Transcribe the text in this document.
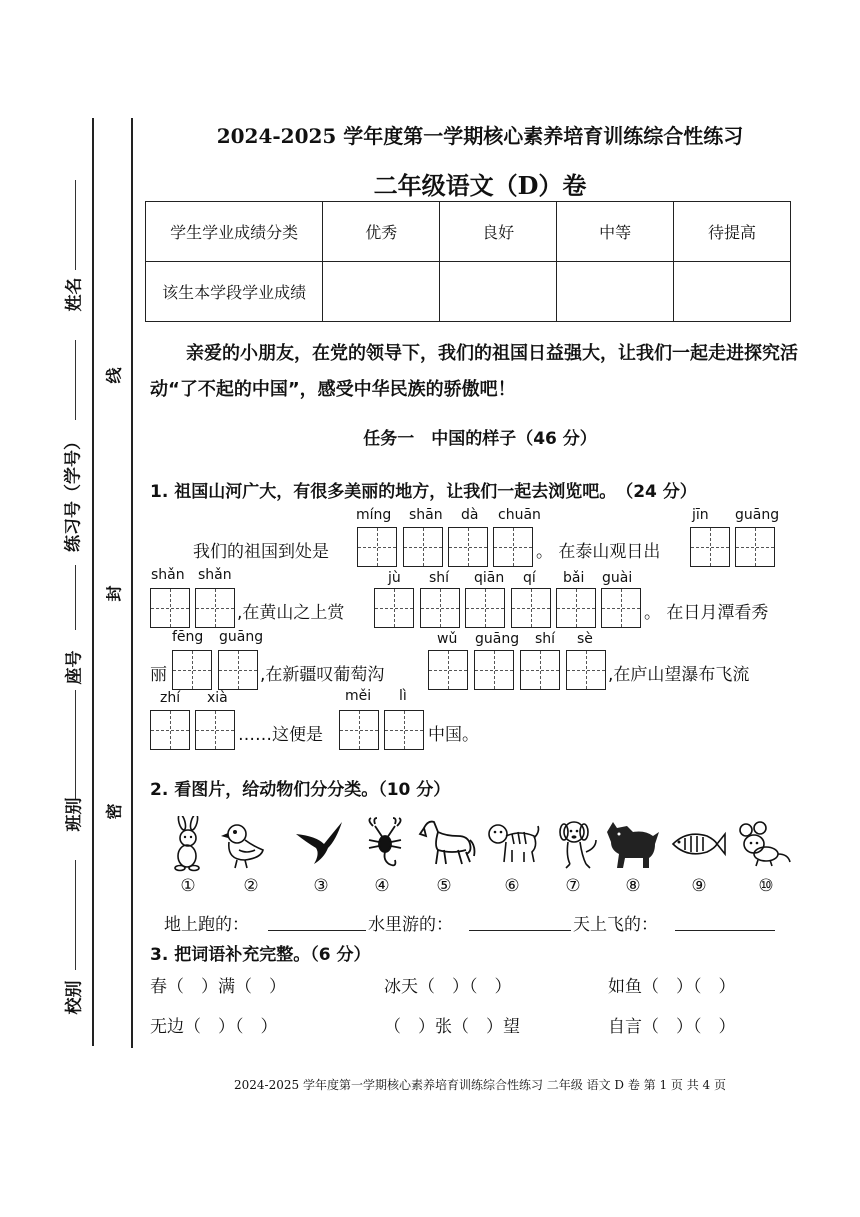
姓名
练习号（学号）
座号
班别
校别
线
封
密
2024-2025 学年度第一学期核心素养培育训练综合性练习
二年级语文（D）卷
学生学业成绩分类	优秀	良好	中等	待提高
该生本学段学业成绩				
亲爱的小朋友，在党的领导下，我们的祖国日益强大，让我们一起走进探究活动“了不起的中国”，感受中华民族的骄傲吧！
任务一　中国的样子（46 分）
1. 祖国山河广大，有很多美丽的地方，让我们一起去浏览吧。　（24 分）
míng shān dà chuān
我们的祖国到处是	。 在泰山观日出
jīn guāng
shǎn shǎn	jù shí qiān qí bǎi guài
,在黄山之上赏	。 在日月潭看秀
fēng guāng	wǔ guāng shí sè
丽	,在新疆叹葡萄沟	,在庐山望瀑布飞流
zhí xià	měi lì
……这便是	中国。
2. 看图片，给动物们分分类。（10 分）
①	②	③	④	⑤	⑥	⑦	⑧	⑨	⑩
地上跑的：	水里游的：	天上飞的：
3. 把词语补充完整。（6 分）
春（　）满（　）	冰天（　）（　）	如鱼（　）（　）
无边（　）（　）	（　）张（　）望	自言（　）（　）
2024-2025 学年度第一学期核心素养培育训练综合性练习 二年级 语文 D 卷 第 1 页 共 4 页
